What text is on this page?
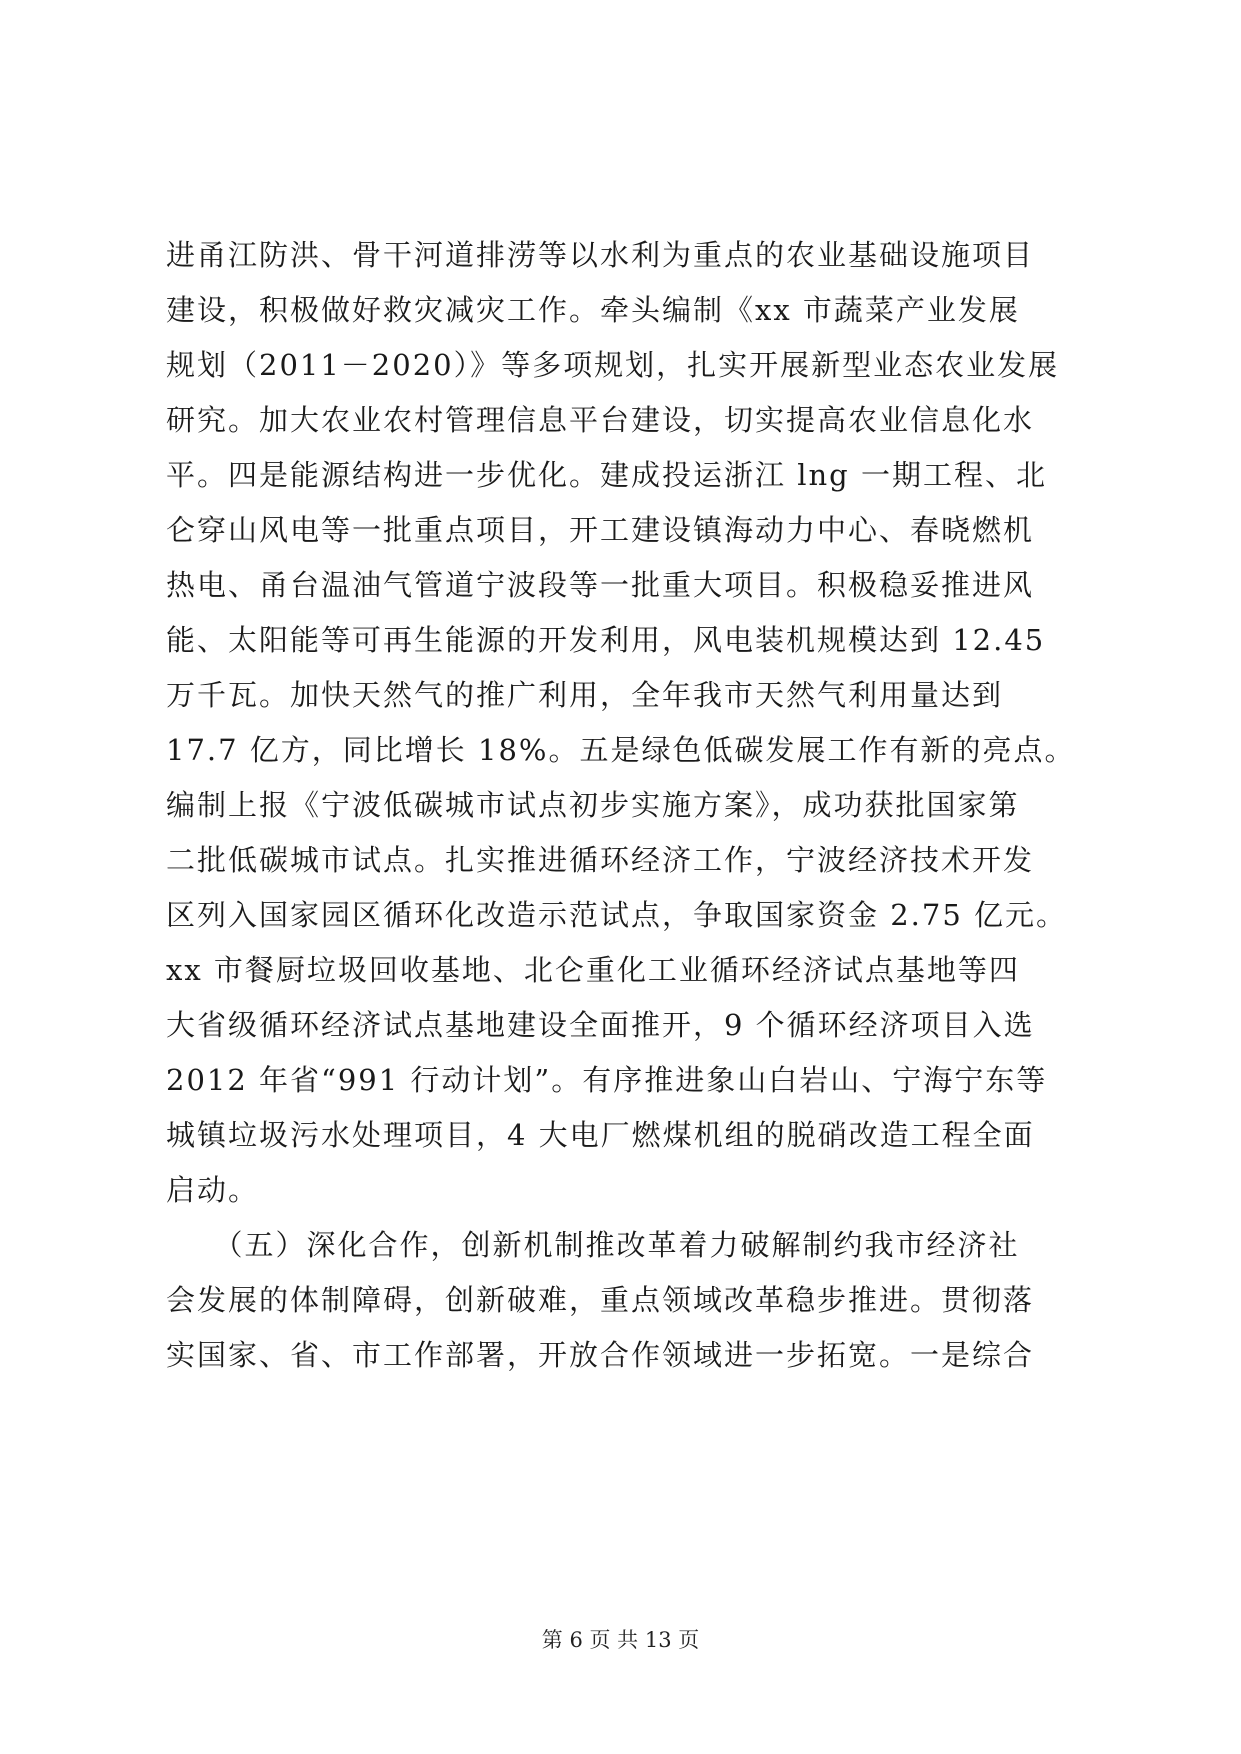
进甬江防洪、骨干河道排涝等以水利为重点的农业基础设施项目
建设，积极做好救灾减灾工作。牵头编制《xx 市蔬菜产业发展
规划（2011－2020）》等多项规划，扎实开展新型业态农业发展
研究。加大农业农村管理信息平台建设，切实提高农业信息化水
平。四是能源结构进一步优化。建成投运浙江 lng 一期工程、北
仑穿山风电等一批重点项目，开工建设镇海动力中心、春晓燃机
热电、甬台温油气管道宁波段等一批重大项目。积极稳妥推进风
能、太阳能等可再生能源的开发利用，风电装机规模达到 12.45
万千瓦。加快天然气的推广利用，全年我市天然气利用量达到
17.7 亿方，同比增长 18%。五是绿色低碳发展工作有新的亮点。
编制上报《宁波低碳城市试点初步实施方案》，成功获批国家第
二批低碳城市试点。扎实推进循环经济工作，宁波经济技术开发
区列入国家园区循环化改造示范试点，争取国家资金 2.75 亿元。
xx 市餐厨垃圾回收基地、北仑重化工业循环经济试点基地等四
大省级循环经济试点基地建设全面推开，9 个循环经济项目入选
2012 年省“991 行动计划”。有序推进象山白岩山、宁海宁东等
城镇垃圾污水处理项目，4 大电厂燃煤机组的脱硝改造工程全面
启动。
　　（五）深化合作，创新机制推改革着力破解制约我市经济社
会发展的体制障碍，创新破难，重点领域改革稳步推进。贯彻落
实国家、省、市工作部署，开放合作领域进一步拓宽。一是综合
第 6 页 共 13 页
